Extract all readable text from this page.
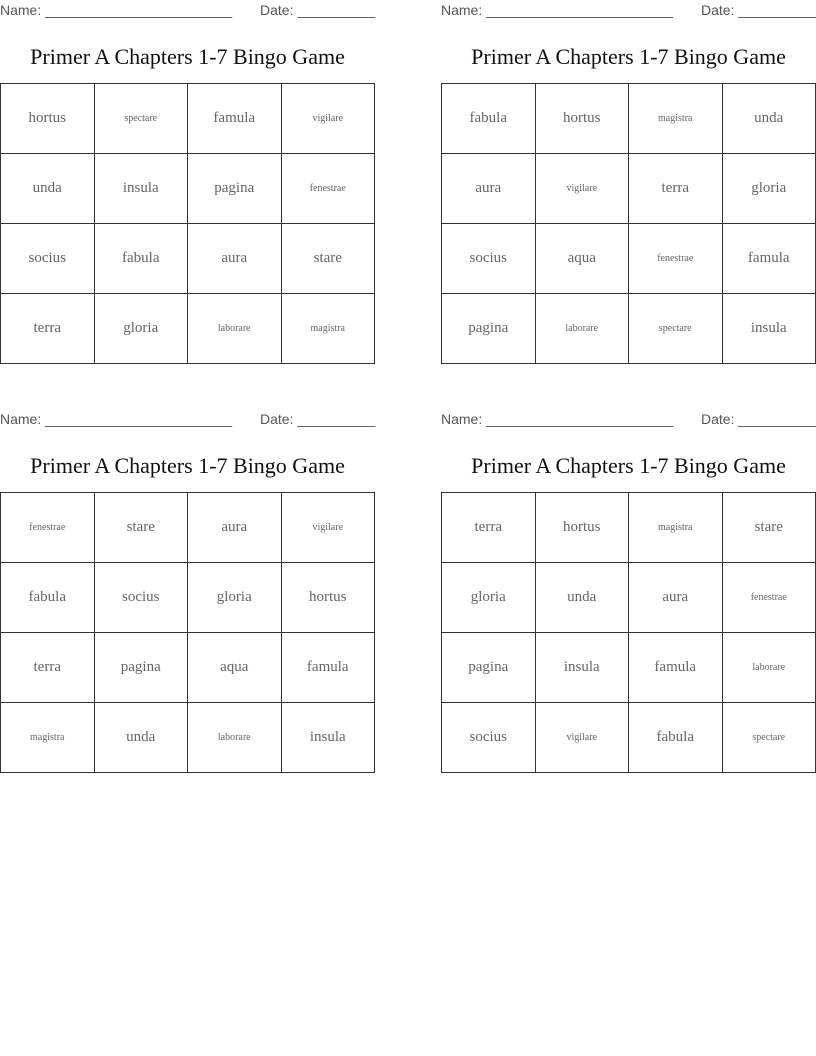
Name: ________________________ Date: __________
Primer A Chapters 1-7 Bingo Game
hortus	spectare	famula	vigilare
unda	insula	pagina	fenestrae
socius	fabula	aura	stare
terra	gloria	laborare	magistra
Name: ________________________ Date: __________
Primer A Chapters 1-7 Bingo Game
fabula	hortus	magistra	unda
aura	vigilare	terra	gloria
socius	aqua	fenestrae	famula
pagina	laborare	spectare	insula
Name: ________________________ Date: __________
Primer A Chapters 1-7 Bingo Game
fenestrae	stare	aura	vigilare
fabula	socius	gloria	hortus
terra	pagina	aqua	famula
magistra	unda	laborare	insula
Name: ________________________ Date: __________
Primer A Chapters 1-7 Bingo Game
terra	hortus	magistra	stare
gloria	unda	aura	fenestrae
pagina	insula	famula	laborare
socius	vigilare	fabula	spectare
